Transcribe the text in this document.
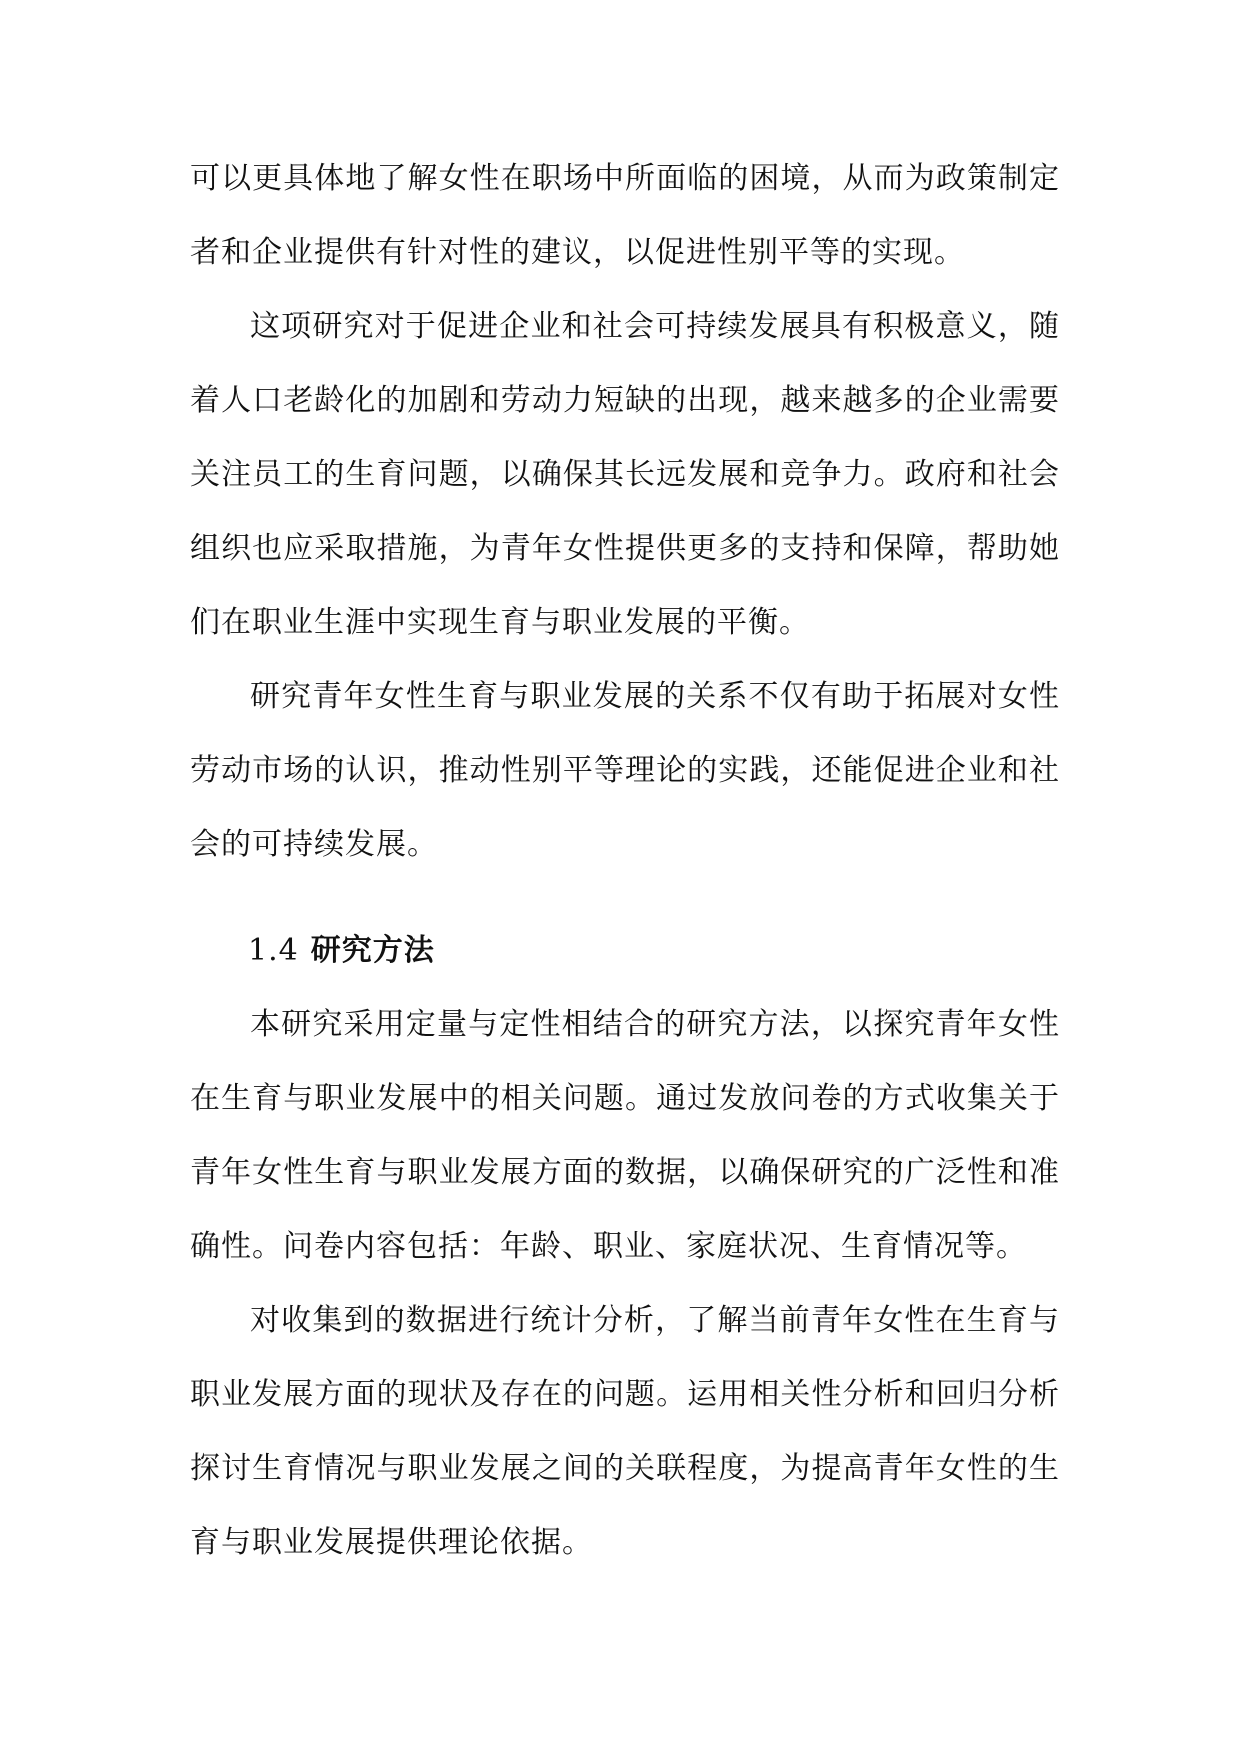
可以更具体地了解女性在职场中所面临的困境，从而为政策制定者和企业提供有针对性的建议，以促进性别平等的实现。

这项研究对于促进企业和社会可持续发展具有积极意义，随着人口老龄化的加剧和劳动力短缺的出现，越来越多的企业需要关注员工的生育问题，以确保其长远发展和竞争力。政府和社会组织也应采取措施，为青年女性提供更多的支持和保障，帮助她们在职业生涯中实现生育与职业发展的平衡。

研究青年女性生育与职业发展的关系不仅有助于拓展对女性劳动市场的认识，推动性别平等理论的实践，还能促进企业和社会的可持续发展。

1.4 研究方法

本研究采用定量与定性相结合的研究方法，以探究青年女性在生育与职业发展中的相关问题。通过发放问卷的方式收集关于青年女性生育与职业发展方面的数据，以确保研究的广泛性和准确性。问卷内容包括：年龄、职业、家庭状况、生育情况等。

对收集到的数据进行统计分析，了解当前青年女性在生育与职业发展方面的现状及存在的问题。运用相关性分析和回归分析探讨生育情况与职业发展之间的关联程度，为提高青年女性的生育与职业发展提供理论依据。
